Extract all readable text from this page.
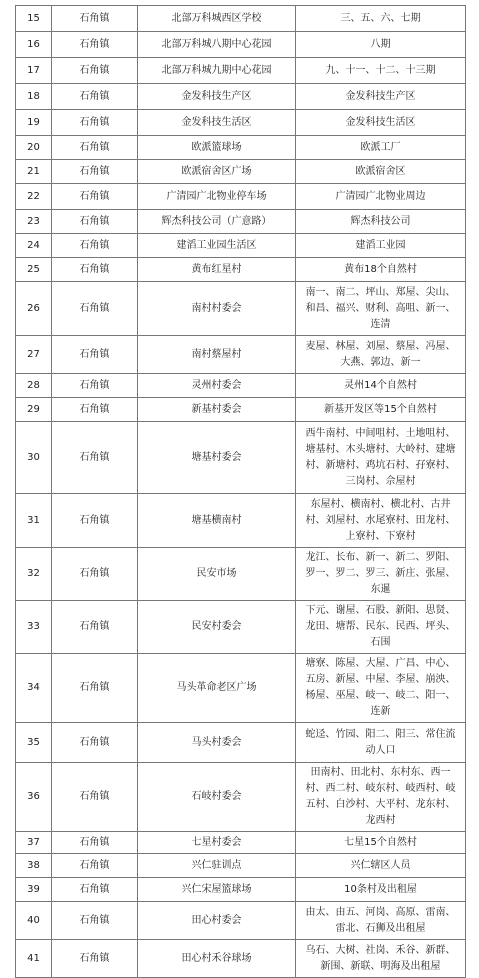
15	石角镇	北部万科城西区学校	三、五、六、七期
16	石角镇	北部万科城八期中心花园	八期
17	石角镇	北部万科城九期中心花园	九、十一、十二、十三期
18	石角镇	金发科技生产区	金发科技生产区
19	石角镇	金发科技生活区	金发科技生活区
20	石角镇	欧派篮球场	欧派工厂
21	石角镇	欧派宿舍区广场	欧派宿舍区
22	石角镇	广清园广北物业停车场	广清园广北物业周边
23	石角镇	辉杰科技公司（广意路）	辉杰科技公司
24	石角镇	建滔工业园生活区	建滔工业园
25	石角镇	黄布红星村	黄布18个自然村
26	石角镇	南村村委会	南一、南二、坪山、郑屋、尖山、和昌、福兴、财利、高咀、新一、连清
27	石角镇	南村蔡屋村	麦屋、林屋、刘屋、蔡屋、冯屋、大燕、郭边、新一
28	石角镇	灵州村委会	灵州14个自然村
29	石角镇	新基村委会	新基开发区等15个自然村
30	石角镇	塘基村委会	西牛南村、中间咀村、土地咀村、塘基村、木头塘村、大岭村、建塘村、新塘村、鸡坑石村、孖寮村、三岗村、佘屋村
31	石角镇	塘基横南村	东屋村、横南村、横北村、古井村、刘屋村、水尾寮村、田龙村、上寮村、下寮村
32	石角镇	民安市场	龙江、长布、新一、新二、罗阳、罗一、罗二、罗三、新庄、张屋、东暹
33	石角镇	民安村委会	下元、谢屋、石股、新阳、思贤、龙田、塘帮、民东、民西、坪头、石围
34	石角镇	马头革命老区广场	塘寮、陈屋、大屋、广昌、中心、五房、新屋、中屋、李屋、崩泱、杨屋、巫屋、岐一、岐二、阳一、连新
35	石角镇	马头村委会	蛇迳、竹园、阳二、阳三、常住流动人口
36	石角镇	石岐村委会	田南村、田北村、东村东、西一村、西二村、岐东村、岐西村、岐五村、白沙村、大平村、龙东村、龙西村
37	石角镇	七星村委会	七星15个自然村
38	石角镇	兴仁驻训点	兴仁辖区人员
39	石角镇	兴仁宋屋篮球场	10条村及出租屋
40	石角镇	田心村委会	由太、由五、河岗、高原、雷南、雷北、石狮及出租屋
41	石角镇	田心村禾谷球场	乌石、大树、社岗、禾谷、新群、新围、新联、明海及出租屋
